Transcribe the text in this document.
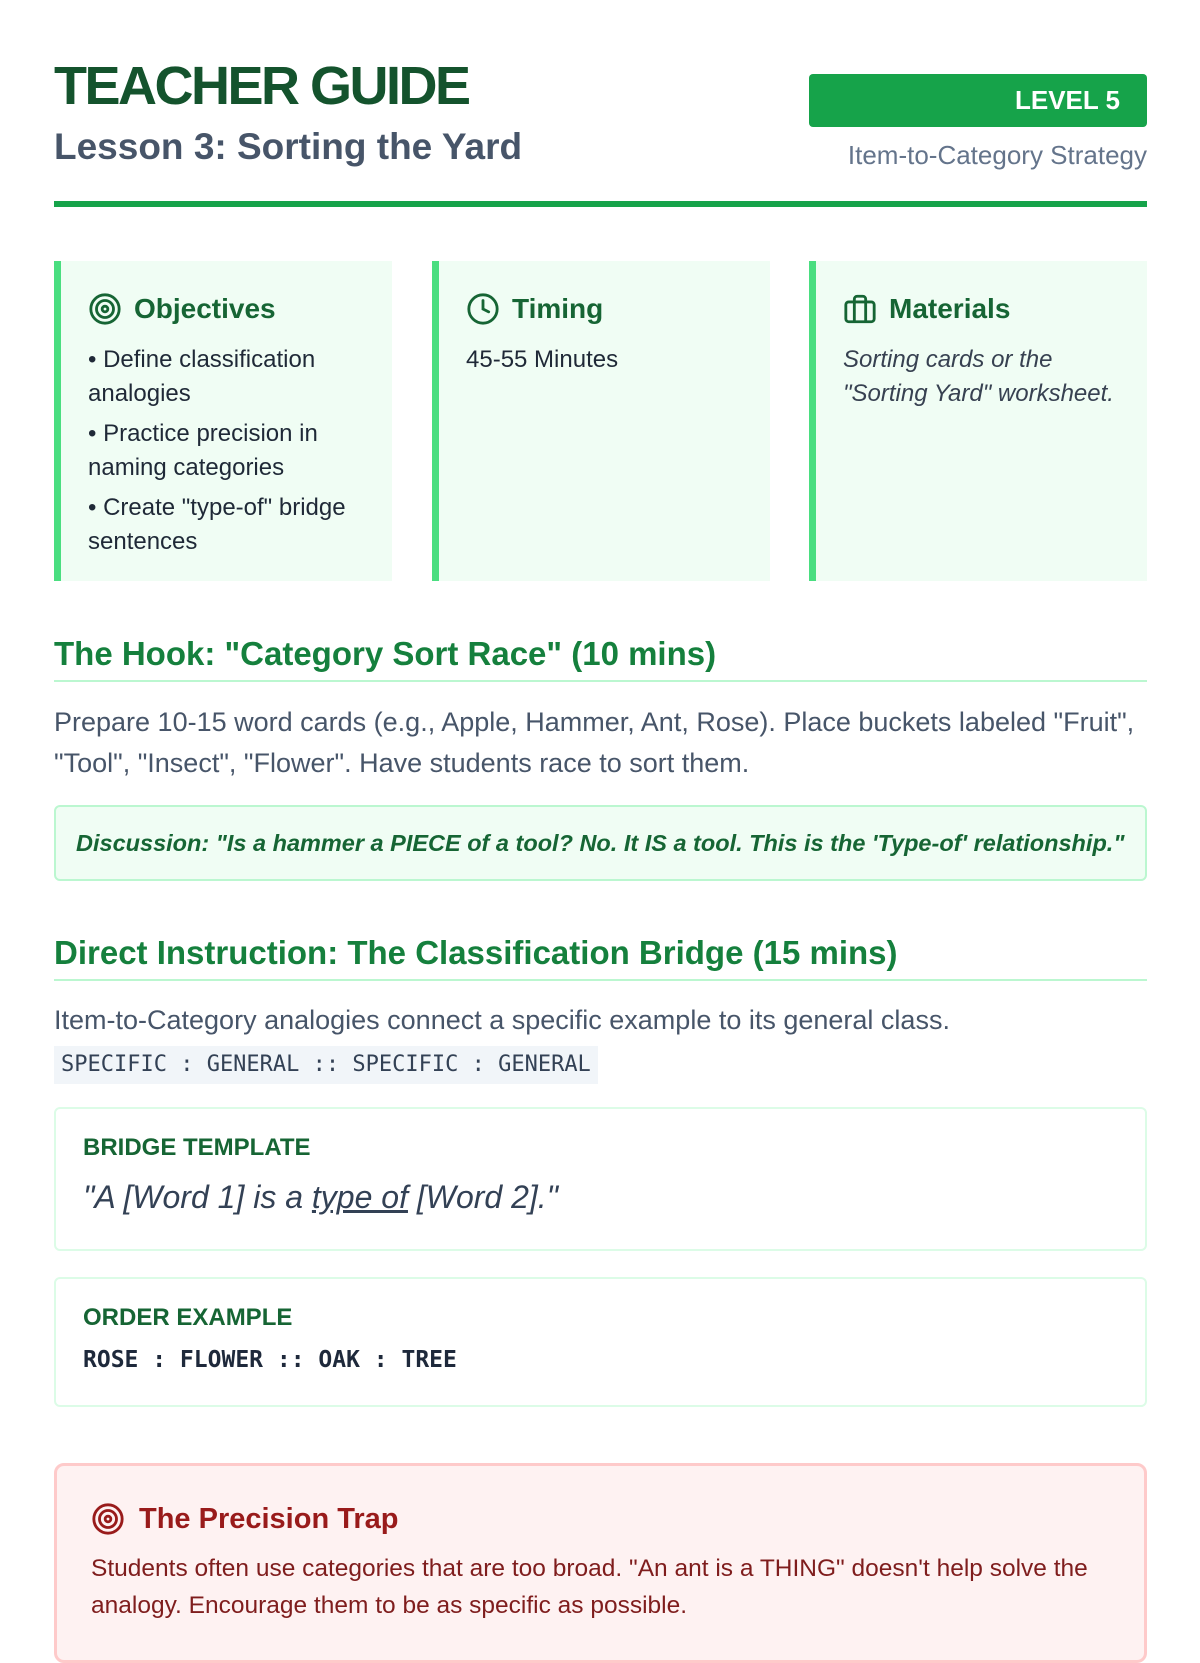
TEACHER GUIDE
Lesson 3: Sorting the Yard
LEVEL 5
Item-to-Category Strategy
Objectives
• Define classification analogies
• Practice precision in naming categories
• Create "type-of" bridge sentences
Timing
45-55 Minutes
Materials
Sorting cards or the "Sorting Yard" worksheet.
The Hook: "Category Sort Race" (10 mins)
Prepare 10-15 word cards (e.g., Apple, Hammer, Ant, Rose). Place buckets labeled "Fruit", "Tool", "Insect", "Flower". Have students race to sort them.
Discussion: "Is a hammer a PIECE of a tool? No. It IS a tool. This is the 'Type-of' relationship."
Direct Instruction: The Classification Bridge (15 mins)
Item-to-Category analogies connect a specific example to its general class.
SPECIFIC : GENERAL :: SPECIFIC : GENERAL
BRIDGE TEMPLATE
"A [Word 1] is a type of [Word 2]."
ORDER EXAMPLE
ROSE : FLOWER :: OAK : TREE
The Precision Trap
Students often use categories that are too broad. "An ant is a THING" doesn't help solve the analogy. Encourage them to be as specific as possible.
